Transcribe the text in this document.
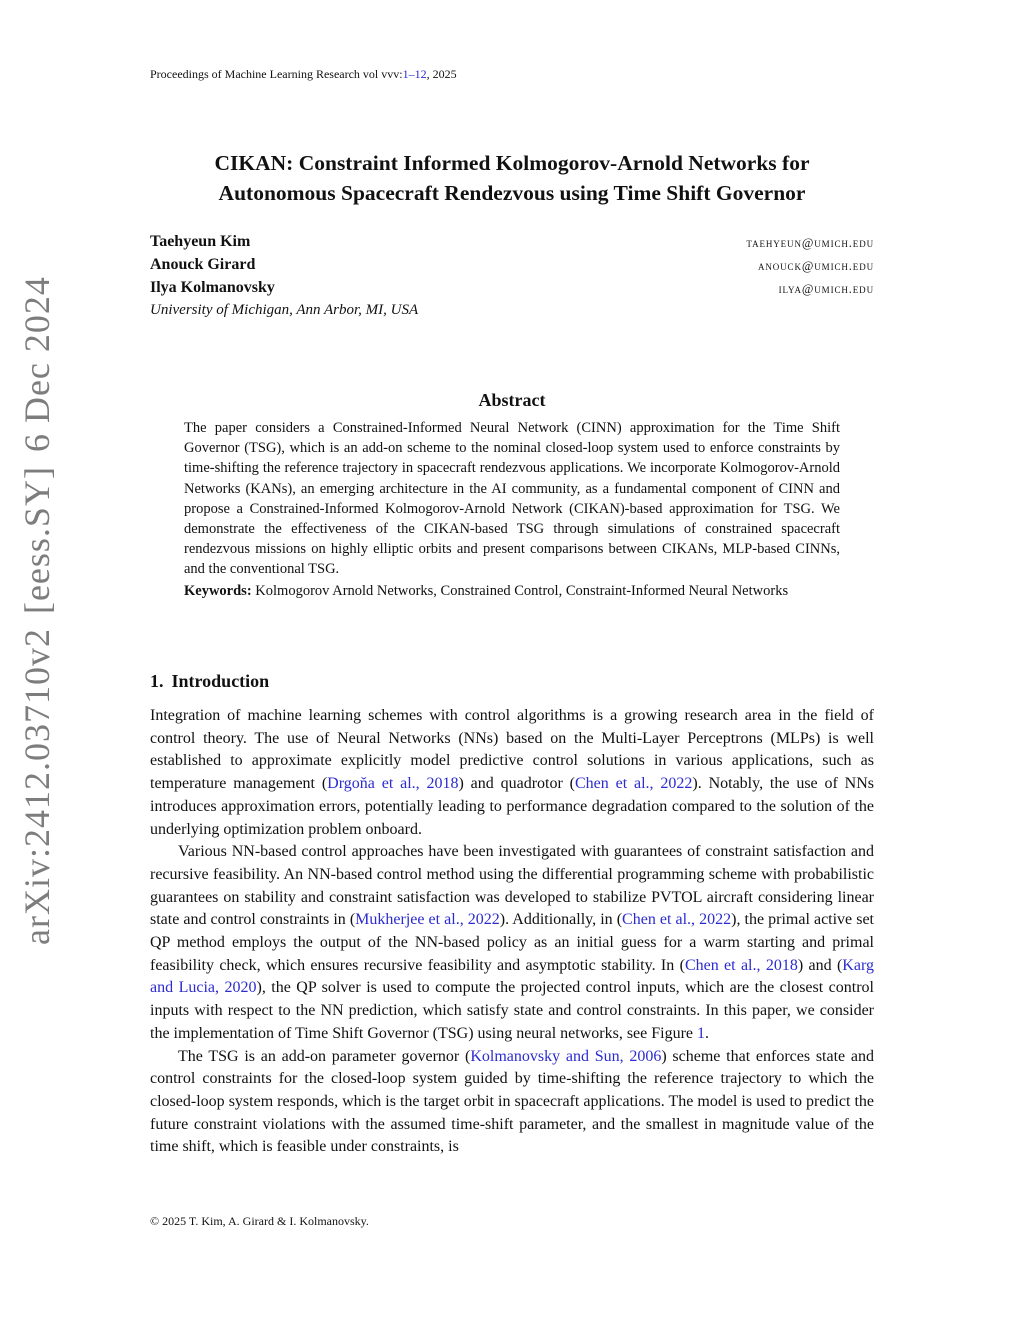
Proceedings of Machine Learning Research vol vvv:1–12, 2025
CIKAN: Constraint Informed Kolmogorov-Arnold Networks for
Autonomous Spacecraft Rendezvous using Time Shift Governor
Taehyeun Kim	taehyeun@umich.edu
Anouck Girard	anouck@umich.edu
Ilya Kolmanovsky	ilya@umich.edu
University of Michigan, Ann Arbor, MI, USA
arXiv:2412.03710v2[eess.SY]6 Dec 2024	Abstract

The paper considers a Constrained-Informed Neural Network (CINN) approximation for the Time Shift Governor (TSG), which is an add-on scheme to the nominal closed-loop system used to enforce constraints by time-shifting the reference trajectory in spacecraft rendezvous applications. We incorporate Kolmogorov-Arnold Networks (KANs), an emerging architecture in the AI community, as a fundamental component of CINN and propose a Constrained-Informed Kolmogorov-Arnold Network (CIKAN)-based approximation for TSG. We demonstrate the effectiveness of the CIKAN-based TSG through simulations of constrained spacecraft rendezvous missions on highly elliptic orbits and present comparisons between CIKANs, MLP-based CINNs, and the conventional TSG.

Keywords: Kolmogorov Arnold Networks, Constrained Control, Constraint-Informed Neural Networks

1. Introduction

Integration of machine learning schemes with control algorithms is a growing research area in the field of control theory. The use of Neural Networks (NNs) based on the Multi-Layer Perceptrons (MLPs) is well established to approximate explicitly model predictive control solutions in various applications, such as temperature management (Drgoňa et al., 2018) and quadrotor (Chen et al., 2022). Notably, the use of NNs introduces approximation errors, potentially leading to performance degradation compared to the solution of the underlying optimization problem onboard.

Various NN-based control approaches have been investigated with guarantees of constraint satisfaction and recursive feasibility. An NN-based control method using the differential programming scheme with probabilistic guarantees on stability and constraint satisfaction was developed to stabilize PVTOL aircraft considering linear state and control constraints in (Mukherjee et al., 2022). Additionally, in (Chen et al., 2022), the primal active set QP method employs the output of the NN-based policy as an initial guess for a warm starting and primal feasibility check, which ensures recursive feasibility and asymptotic stability. In (Chen et al., 2018) and (Karg and Lucia, 2020), the QP solver is used to compute the projected control inputs, which are the closest control inputs with respect to the NN prediction, which satisfy state and control constraints. In this paper, we consider the implementation of Time Shift Governor (TSG) using neural networks, see Figure 1.

The TSG is an add-on parameter governor (Kolmanovsky and Sun, 2006) scheme that enforces state and control constraints for the closed-loop system guided by time-shifting the reference trajectory to which the closed-loop system responds, which is the target orbit in spacecraft applications. The model is used to predict the future constraint violations with the assumed time-shift parameter, and the smallest in magnitude value of the time shift, which is feasible under constraints, is

© 2025 T. Kim, A. Girard & I. Kolmanovsky.
